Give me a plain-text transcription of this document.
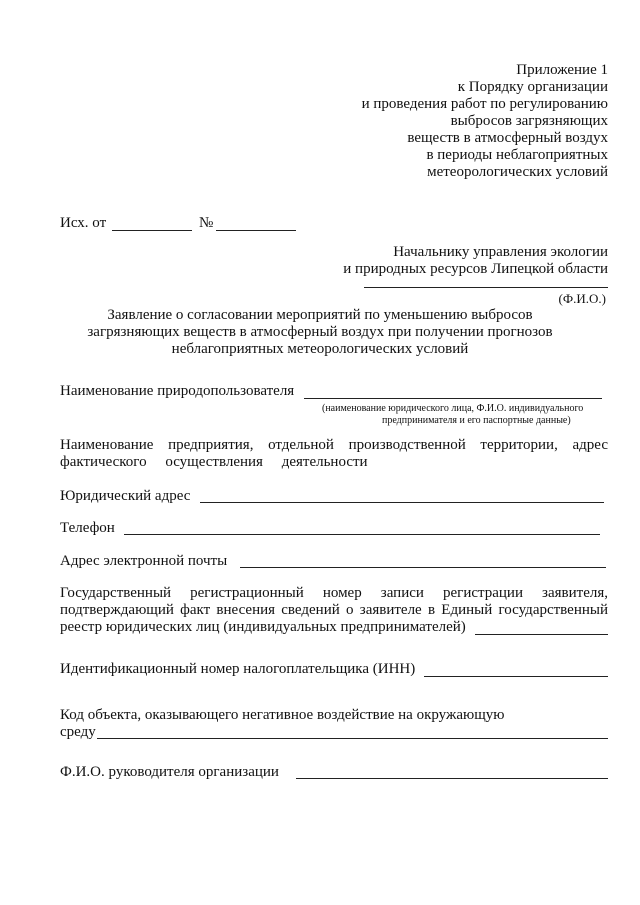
Приложение 1
к Порядку организации
и проведения работ по регулированию
выбросов загрязняющих
веществ в атмосферный воздух
в периоды неблагоприятных
метеорологических условий
Исх. от	№
Начальнику управления экологии
и природных ресурсов Липецкой области
(Ф.И.О.)
Заявление о согласовании мероприятий по уменьшению выбросов
загрязняющих веществ в атмосферный воздух при получении прогнозов
неблагоприятных метеорологических условий
Наименование природопользователя
(наименование юридического лица, Ф.И.О. индивидуального
предпринимателя и его паспортные данные)
Наименование предприятия, отдельной производственной территории, адрес
фактического     осуществления     деятельности
Юридический адрес
Телефон
Адрес электронной почты
Государственный регистрационный номер записи регистрации заявителя,
подтверждающий факт внесения сведений о заявителе в Единый государственный
реестр юридических лиц (индивидуальных предпринимателей)
Идентификационный номер налогоплательщика (ИНН)
Код объекта, оказывающего негативное воздействие на окружающую
среду
Ф.И.О. руководителя организации
